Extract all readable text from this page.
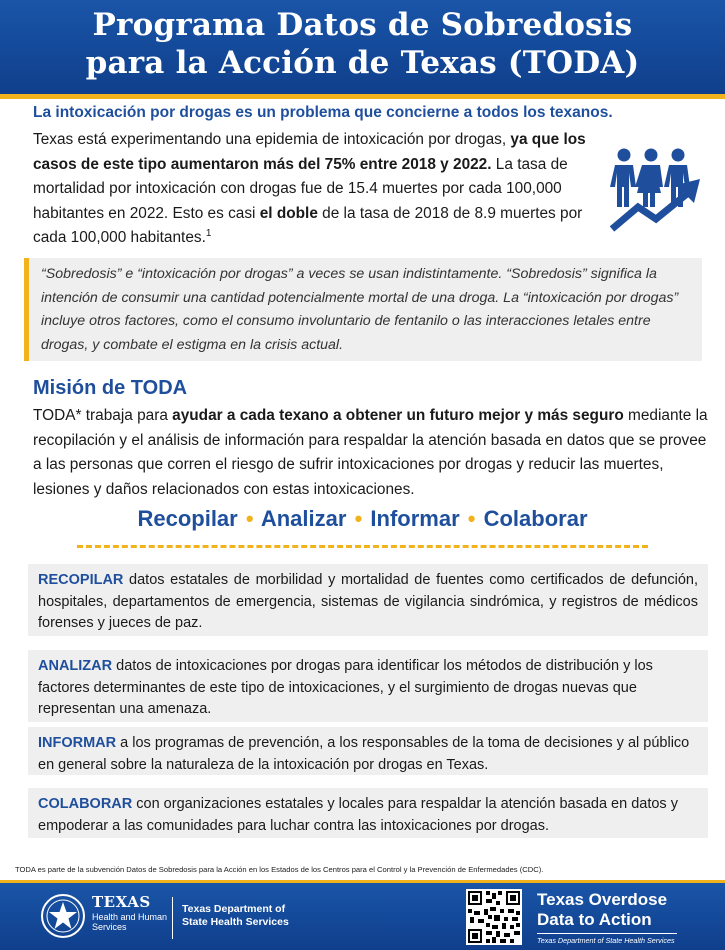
Programa Datos de Sobredosis
para la Acción de Texas (TODA)
La intoxicación por drogas es un problema que concierne a todos los texanos.
Texas está experimentando una epidemia de intoxicación por drogas, ya que los casos de este tipo aumentaron más del 75% entre 2018 y 2022. La tasa de mortalidad por intoxicación con drogas fue de 15.4 muertes por cada 100,000 habitantes en 2022. Esto es casi el doble de la tasa de 2018 de 8.9 muertes por cada 100,000 habitantes.$^1$
“Sobredosis” e “intoxicación por drogas” a veces se usan indistintamente. “Sobredosis” significa la intención de consumir una cantidad potencialmente mortal de una droga. La “intoxicación por drogas” incluye otros factores, como el consumo involuntario de fentanilo o las interacciones letales entre drogas, y combate el estigma en la crisis actual.
Misión de TODA
TODA* trabaja para ayudar a cada texano a obtener un futuro mejor y más seguro mediante la recopilación y el análisis de información para respaldar la atención basada en datos que se provee a las personas que corren el riesgo de sufrir intoxicaciones por drogas y reducir las muertes, lesiones y daños relacionados con estas intoxicaciones.
Recopilar • Analizar • Informar • Colaborar
RECOPILAR datos estatales de morbilidad y mortalidad de fuentes como certificados de defunción, hospitales, departamentos de emergencia, sistemas de vigilancia sindrómica, y registros de médicos forenses y jueces de paz.
ANALIZAR datos de intoxicaciones por drogas para identificar los métodos de distribución y los factores determinantes de este tipo de intoxicaciones, y el surgimiento de drogas nuevas que representan una amenaza.
INFORMAR a los programas de prevención, a los responsables de la toma de decisiones y al público en general sobre la naturaleza de la intoxicación por drogas en Texas.
COLABORAR con organizaciones estatales y locales para respaldar la atención basada en datos y empoderar a las comunidades para luchar contra las intoxicaciones por drogas.
TODA es parte de la subvención Datos de Sobredosis para la Acción en los Estados de los Centros para el Control y la Prevención de Enfermedades (CDC).
TEXAS
Health and Human Services
Texas Department of State Health Services
Texas Overdose
Data to Action
Texas Department of State Health Services
